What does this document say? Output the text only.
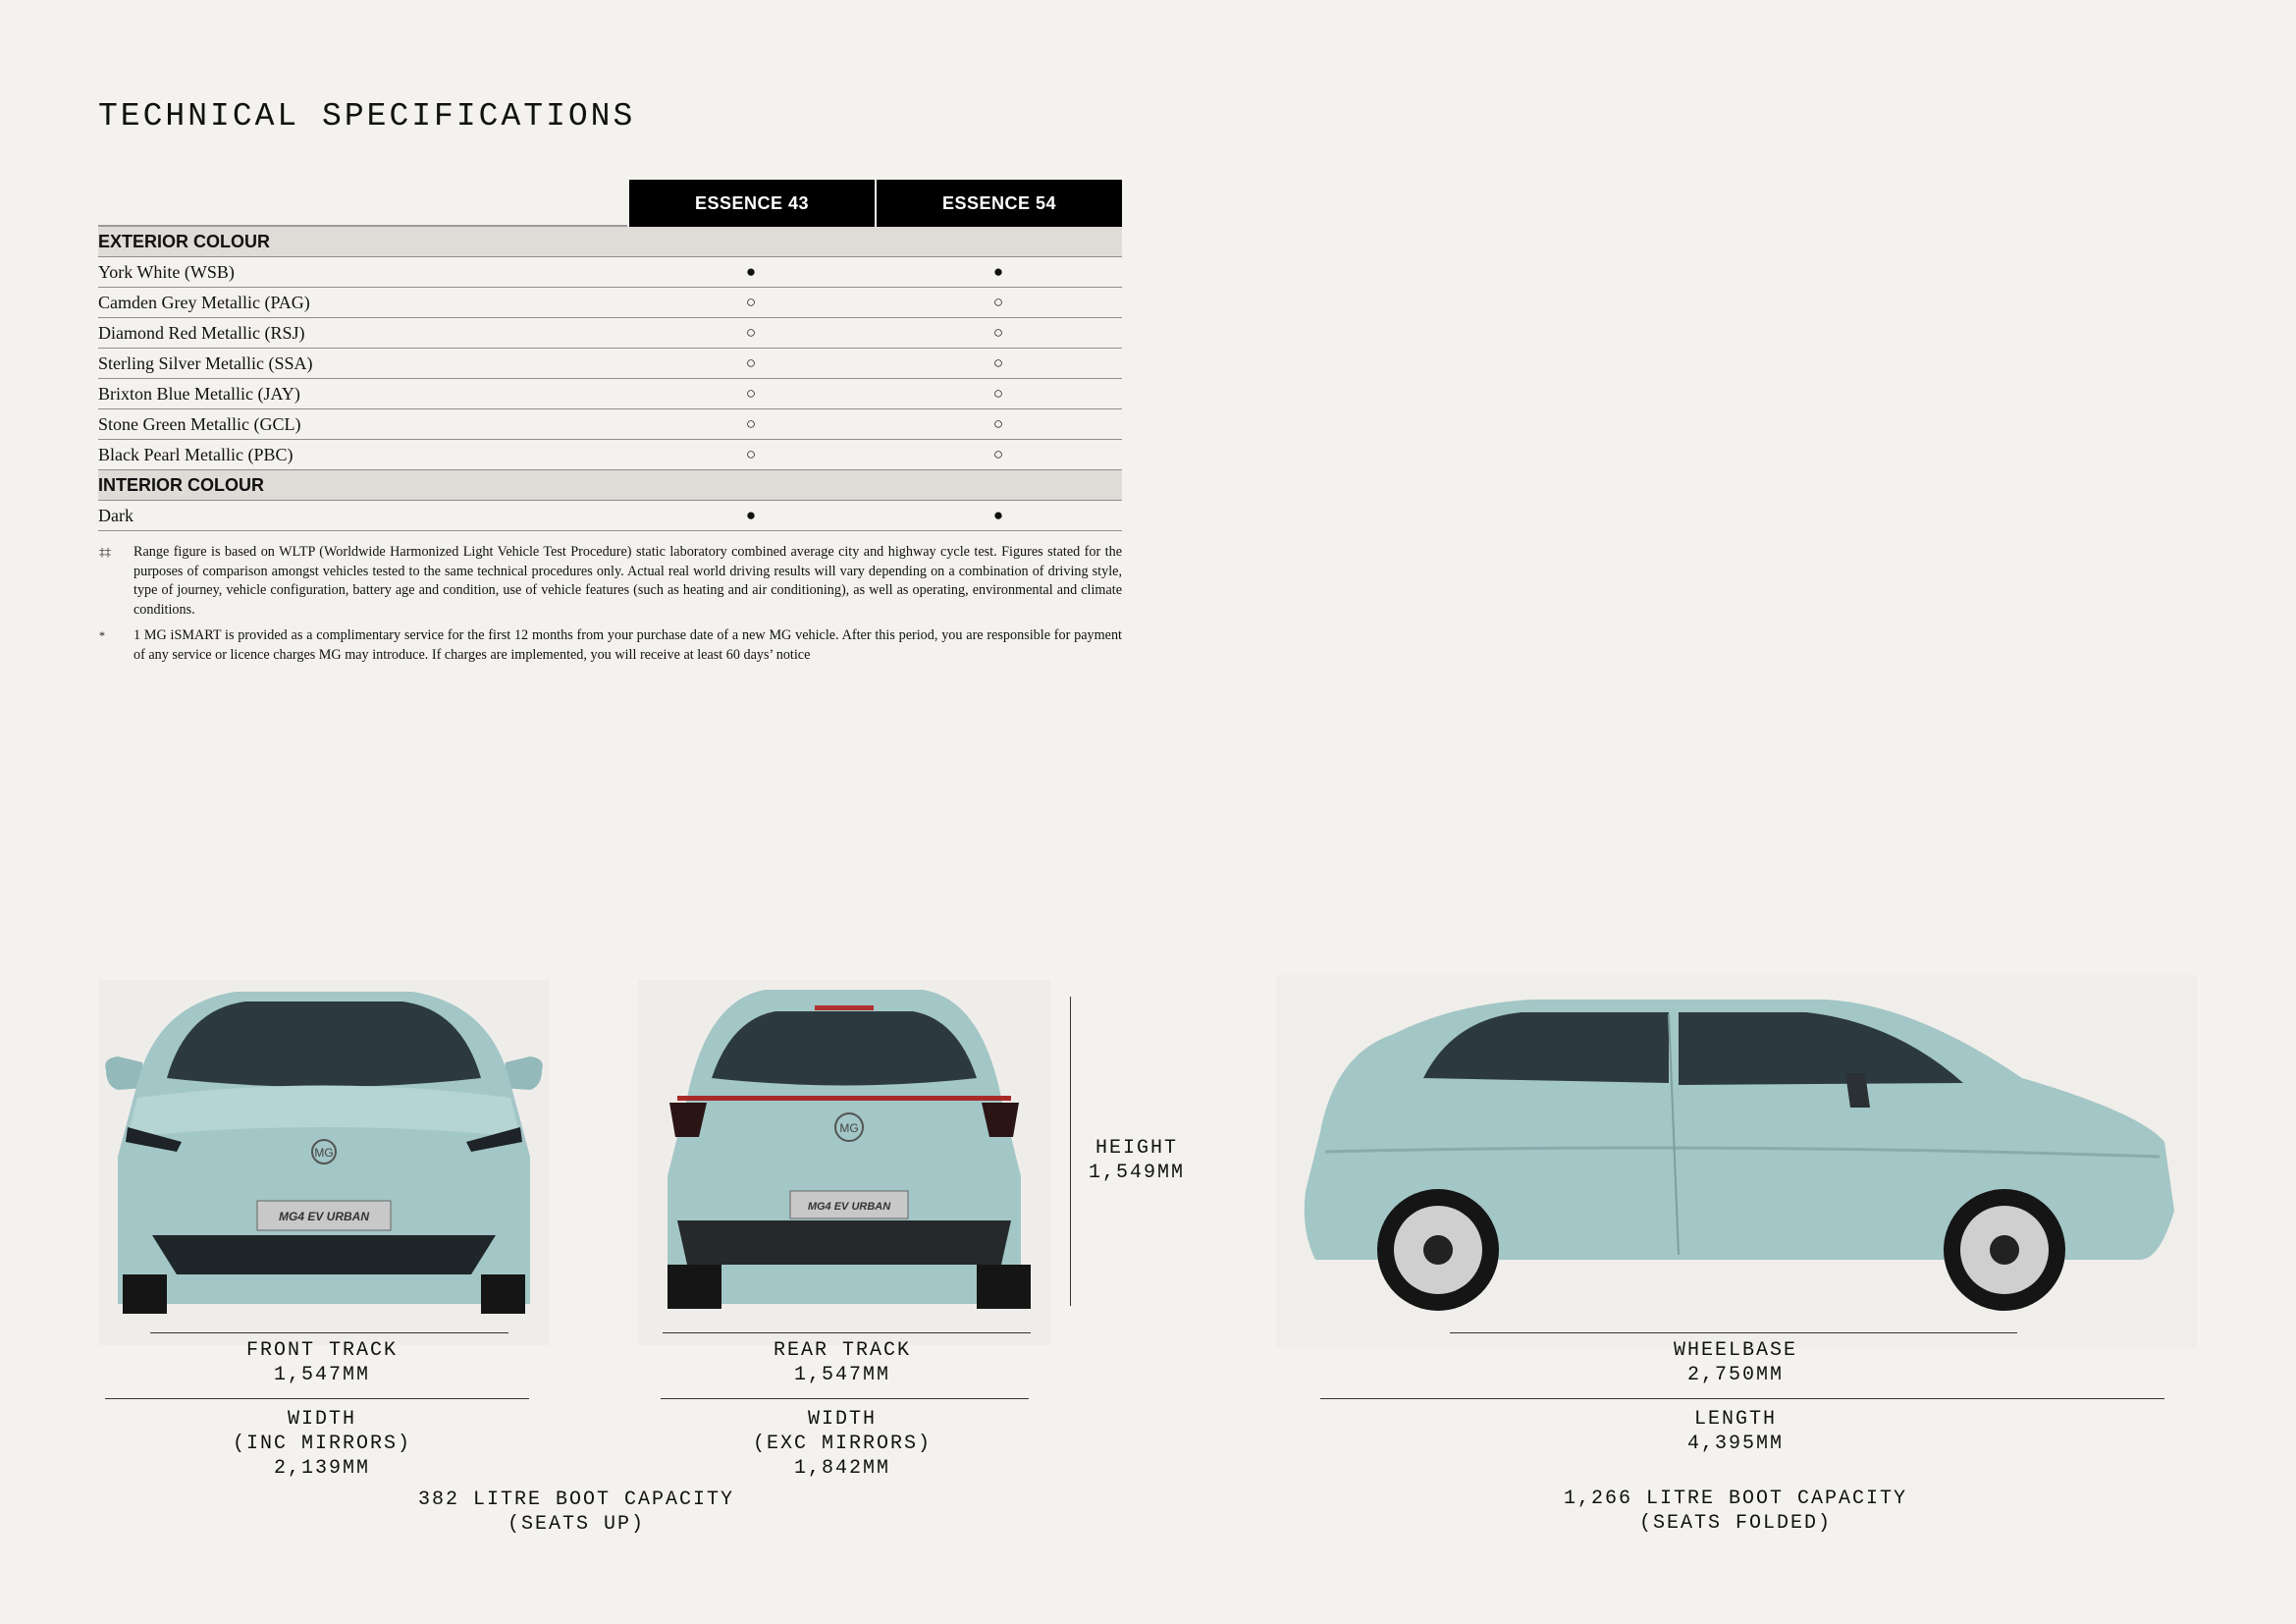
TECHNICAL SPECIFICATIONS
ESSENCE 43	ESSENCE 54
EXTERIOR COLOUR
York White (WSB)	●	●
Camden Grey Metallic (PAG)	○	○
Diamond Red Metallic (RSJ)	○	○
Sterling Silver Metallic (SSA)	○	○
Brixton Blue Metallic (JAY)	○	○
Stone Green Metallic (GCL)	○	○
Black Pearl Metallic (PBC)	○	○
INTERIOR COLOUR
Dark	●	●
‡‡	Range figure is based on WLTP (Worldwide Harmonized Light Vehicle Test Procedure) static laboratory combined average city and highway cycle test. Figures stated for the purposes of comparison amongst vehicles tested to the same technical procedures only. Actual real world driving results will vary depending on a combination of driving style, type of journey, vehicle configuration, battery age and condition, use of vehicle features (such as heating and air conditioning), as well as operating, environmental and climate conditions.
*	1 MG iSMART is provided as a complimentary service for the first 12 months from your purchase date of a new MG vehicle. After this period, you are responsible for payment of any service or licence charges MG may introduce. If charges are implemented, you will receive at least 60 days’ notice
MG
MG4 EV URBAN
MG
MG4 EV URBAN
FRONT TRACK
1,547MM
WIDTH
(INC MIRRORS)
2,139MM
REAR TRACK
1,547MM
WIDTH
(EXC MIRRORS)
1,842MM
HEIGHT
1,549MM
382 LITRE BOOT CAPACITY
(SEATS UP)
WHEELBASE
2,750MM
LENGTH
4,395MM
1,266 LITRE BOOT CAPACITY
(SEATS FOLDED)
